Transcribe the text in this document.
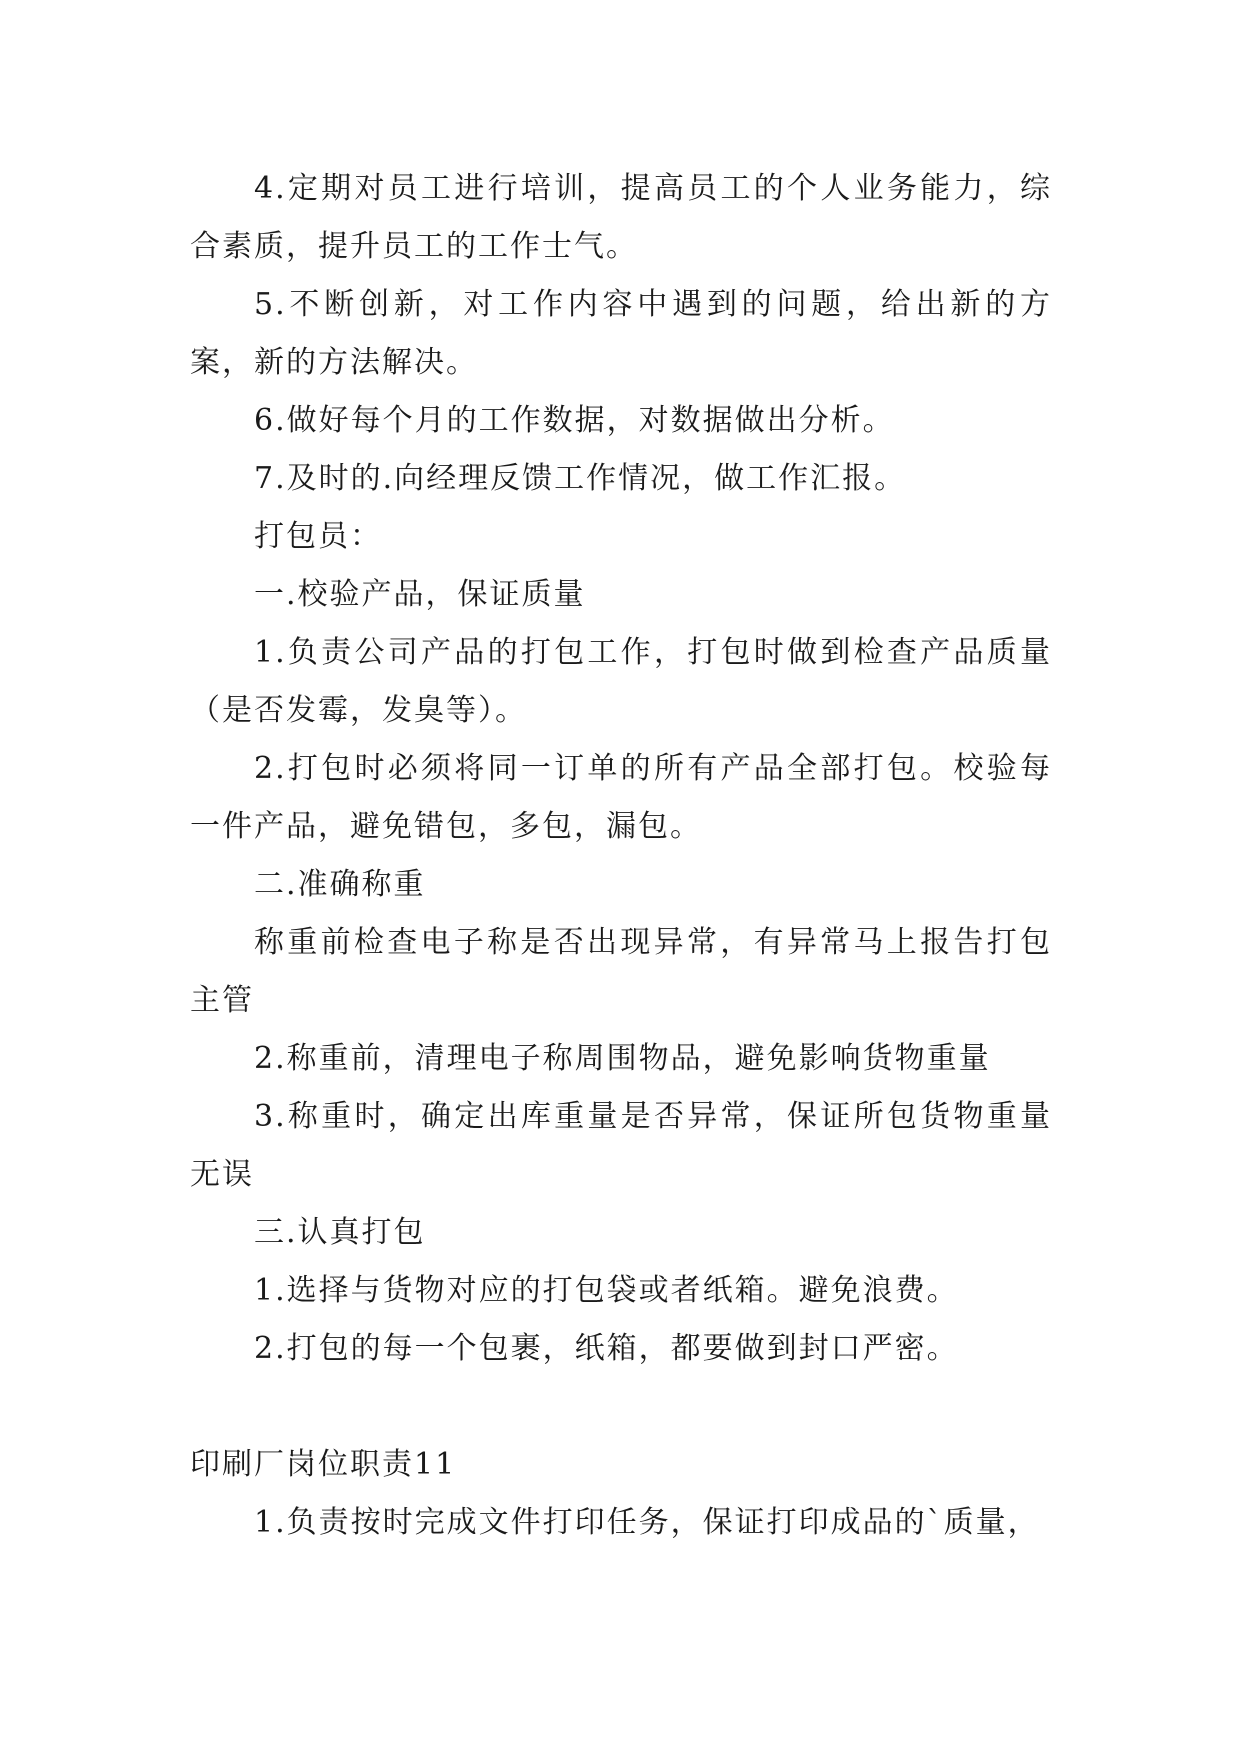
4.定期对员工进行培训，提高员工的个人业务能力，综合素质，提升员工的工作士气。

5.不断创新，对工作内容中遇到的问题，给出新的方案，新的方法解决。

6.做好每个月的工作数据，对数据做出分析。

7.及时的.向经理反馈工作情况，做工作汇报。

打包员：

一.校验产品，保证质量

1.负责公司产品的打包工作，打包时做到检查产品质量（是否发霉，发臭等）。

2.打包时必须将同一订单的所有产品全部打包。校验每一件产品，避免错包，多包，漏包。

二.准确称重

称重前检查电子称是否出现异常，有异常马上报告打包主管

2.称重前，清理电子称周围物品，避免影响货物重量

3.称重时，确定出库重量是否异常，保证所包货物重量无误

三.认真打包

1.选择与货物对应的打包袋或者纸箱。避免浪费。

2.打包的每一个包裹，纸箱，都要做到封口严密。

印刷厂岗位职责11

1.负责按时完成文件打印任务，保证打印成品的`质量，
